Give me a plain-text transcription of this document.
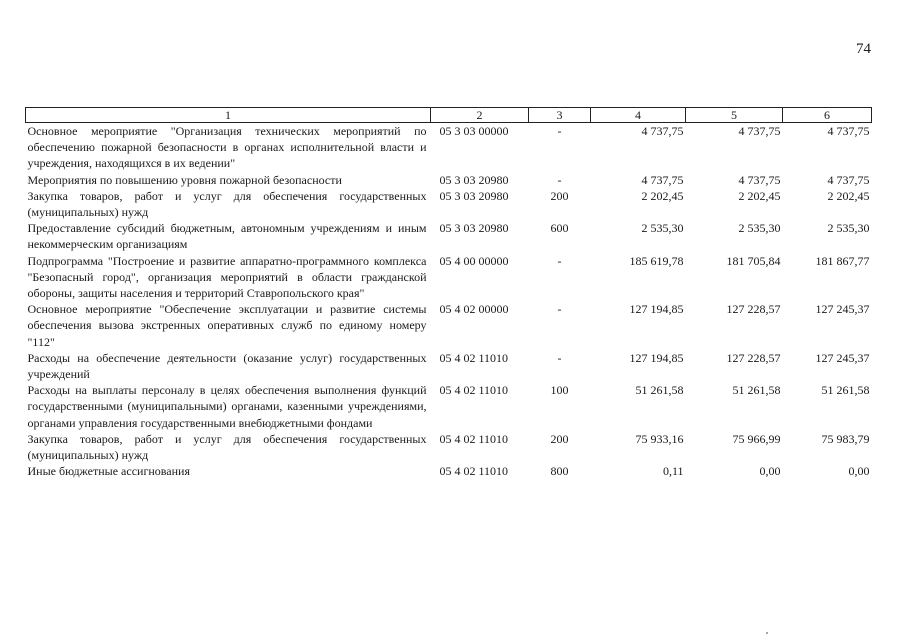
74
1	2	3	4	5	6
Основное мероприятие "Организация технических мероприятий по обеспечению пожарной безопасности в органах исполнительной власти и учреждения, находящихся в их ведении"	05 3 03 00000	-	4 737,75	4 737,75	4 737,75
Мероприятия по повышению уровня пожарной безопасности	05 3 03 20980	-	4 737,75	4 737,75	4 737,75
Закупка товаров, работ и услуг для обеспечения государственных (муниципальных) нужд	05 3 03 20980	200	2 202,45	2 202,45	2 202,45
Предоставление субсидий бюджетным, автономным учреждениям и иным некоммерческим организациям	05 3 03 20980	600	2 535,30	2 535,30	2 535,30
Подпрограмма "Построение и развитие аппаратно-программного комплекса "Безопасный город", организация мероприятий в области гражданской обороны, защиты населения и территорий Ставропольского края"	05 4 00 00000	-	185 619,78	181 705,84	181 867,77
Основное мероприятие "Обеспечение эксплуатации и развитие системы обеспечения вызова экстренных оперативных служб по единому номеру "112"	05 4 02 00000	-	127 194,85	127 228,57	127 245,37
Расходы на обеспечение деятельности (оказание услуг) государственных учреждений	05 4 02 11010	-	127 194,85	127 228,57	127 245,37
Расходы на выплаты персоналу в целях обеспечения выполнения функций государственными (муниципальными) органами, казенными учреждениями, органами управления государственными внебюджетными фондами	05 4 02 11010	100	51 261,58	51 261,58	51 261,58
Закупка товаров, работ и услуг для обеспечения государственных (муниципальных) нужд	05 4 02 11010	200	75 933,16	75 966,99	75 983,79
Иные бюджетные ассигнования	05 4 02 11010	800	0,11	0,00	0,00
